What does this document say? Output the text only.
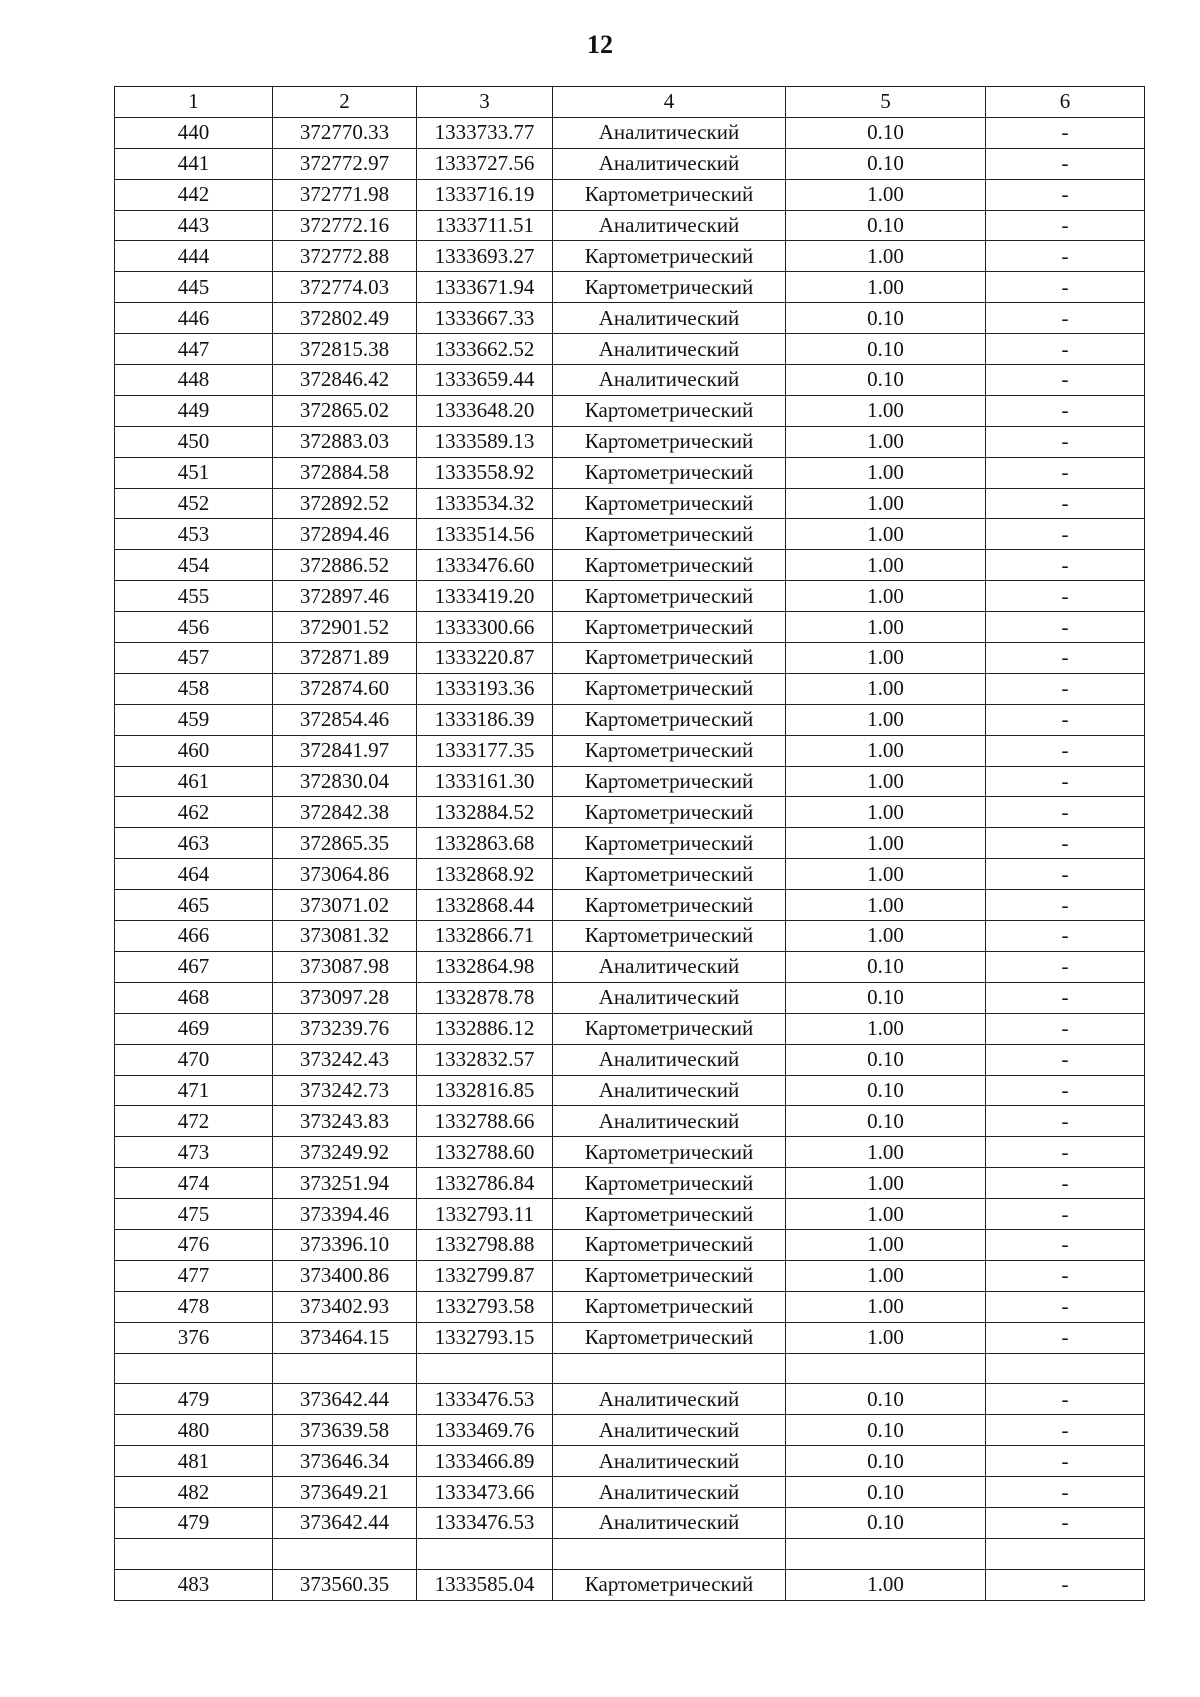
12
1	2	3	4	5	6
440	372770.33	1333733.77	Аналитический	0.10	-
441	372772.97	1333727.56	Аналитический	0.10	-
442	372771.98	1333716.19	Картометрический	1.00	-
443	372772.16	1333711.51	Аналитический	0.10	-
444	372772.88	1333693.27	Картометрический	1.00	-
445	372774.03	1333671.94	Картометрический	1.00	-
446	372802.49	1333667.33	Аналитический	0.10	-
447	372815.38	1333662.52	Аналитический	0.10	-
448	372846.42	1333659.44	Аналитический	0.10	-
449	372865.02	1333648.20	Картометрический	1.00	-
450	372883.03	1333589.13	Картометрический	1.00	-
451	372884.58	1333558.92	Картометрический	1.00	-
452	372892.52	1333534.32	Картометрический	1.00	-
453	372894.46	1333514.56	Картометрический	1.00	-
454	372886.52	1333476.60	Картометрический	1.00	-
455	372897.46	1333419.20	Картометрический	1.00	-
456	372901.52	1333300.66	Картометрический	1.00	-
457	372871.89	1333220.87	Картометрический	1.00	-
458	372874.60	1333193.36	Картометрический	1.00	-
459	372854.46	1333186.39	Картометрический	1.00	-
460	372841.97	1333177.35	Картометрический	1.00	-
461	372830.04	1333161.30	Картометрический	1.00	-
462	372842.38	1332884.52	Картометрический	1.00	-
463	372865.35	1332863.68	Картометрический	1.00	-
464	373064.86	1332868.92	Картометрический	1.00	-
465	373071.02	1332868.44	Картометрический	1.00	-
466	373081.32	1332866.71	Картометрический	1.00	-
467	373087.98	1332864.98	Аналитический	0.10	-
468	373097.28	1332878.78	Аналитический	0.10	-
469	373239.76	1332886.12	Картометрический	1.00	-
470	373242.43	1332832.57	Аналитический	0.10	-
471	373242.73	1332816.85	Аналитический	0.10	-
472	373243.83	1332788.66	Аналитический	0.10	-
473	373249.92	1332788.60	Картометрический	1.00	-
474	373251.94	1332786.84	Картометрический	1.00	-
475	373394.46	1332793.11	Картометрический	1.00	-
476	373396.10	1332798.88	Картометрический	1.00	-
477	373400.86	1332799.87	Картометрический	1.00	-
478	373402.93	1332793.58	Картометрический	1.00	-
376	373464.15	1332793.15	Картометрический	1.00	-

479	373642.44	1333476.53	Аналитический	0.10	-
480	373639.58	1333469.76	Аналитический	0.10	-
481	373646.34	1333466.89	Аналитический	0.10	-
482	373649.21	1333473.66	Аналитический	0.10	-
479	373642.44	1333476.53	Аналитический	0.10	-

483	373560.35	1333585.04	Картометрический	1.00	-
